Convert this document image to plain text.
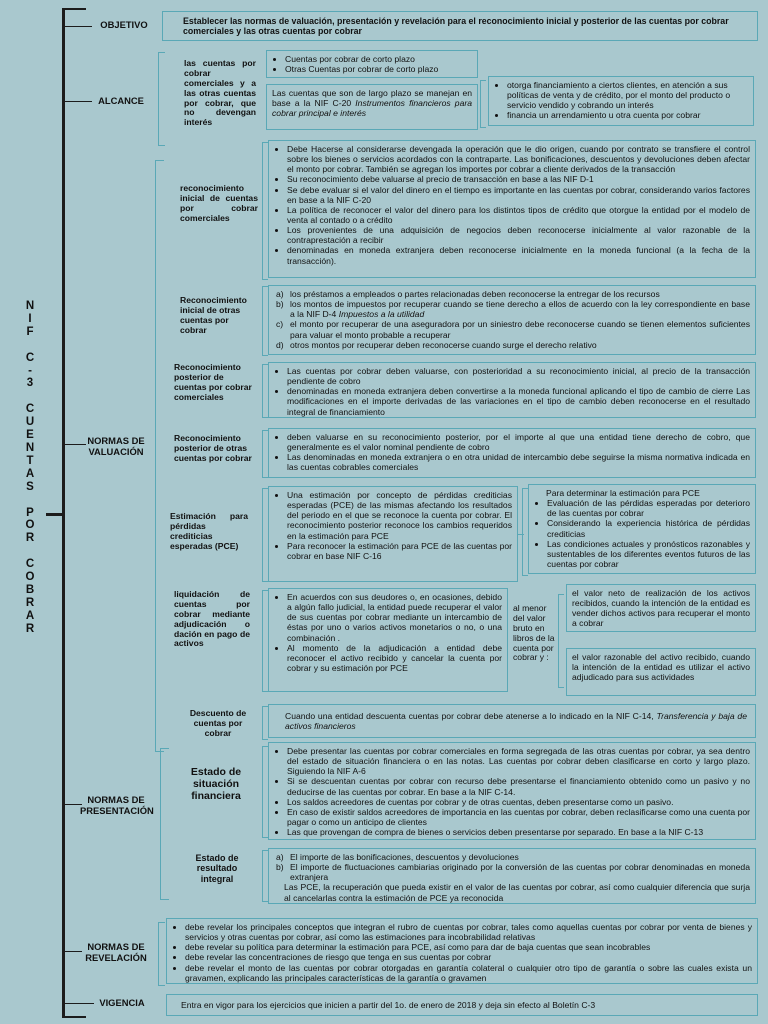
N
I
F

C
-
3

C
U
E
N
T
A
S

P
O
R

C
O
B
R
A
R
OBJETIVO	Establecer las normas de valuación, presentación y revelación para el reconocimiento inicial y posterior de las cuentas por cobrar comerciales y las otras cuentas por cobrar
ALCANCE
las cuentas por cobrar comerciales y a las otras cuentas por cobrar, que no devengan interés
• Cuentas por cobrar de corto plazo
• Otras Cuentas por cobrar de corto plazo
Las cuentas que son de largo plazo se manejan en base a la NIF C-20 Instrumentos financieros para cobrar principal e interés
• otorga financiamiento a ciertos clientes, en atención a sus políticas de venta y de crédito, por el monto del producto o servicio vendido y cobrando un interés
• financia un arrendamiento u otra cuenta por cobrar
NORMAS DE VALUACIÓN
reconocimiento inicial de cuentas por cobrar comerciales
• Debe Hacerse al considerarse devengada la operación que le dio origen, cuando por contrato se transfiere el control sobre los bienes o servicios acordados con la contraparte. Las bonificaciones, descuentos y devoluciones deben afectar el monto por cobrar. También se agregan los importes por cobrar a cliente derivados de la transacción
• Su reconocimiento debe valuarse al precio de transacción en base a las NIF D-1
• Se debe evaluar si el valor del dinero en el tiempo es importante en las cuentas por cobrar, considerando varios factores en base a la NIF C-20
• La política de reconocer el valor del dinero para los distintos tipos de crédito que otorgue la entidad por el modelo de venta al contado o a crédito
• Los provenientes de una adquisición de negocios deben reconocerse inicialmente al valor razonable de la contraprestación a recibir
• denominadas en moneda extranjera deben reconocerse inicialmente en la moneda funcional (a la fecha de la transacción).
Reconocimiento inicial de otras cuentas por cobrar
a) los préstamos a empleados o partes relacionadas deben reconocerse la entregar de los recursos
b) los montos de impuestos por recuperar cuando se tiene derecho a ellos de acuerdo con la ley correspondiente en base a la NIF D-4 Impuestos a la utilidad
c) el monto por recuperar de una aseguradora por un siniestro debe reconocerse cuando se tienen elementos suficientes para valuar el monto probable a recuperar
d) otros montos por recuperar deben reconocerse cuando surge el derecho relativo
Reconocimiento posterior de cuentas por cobrar comerciales
• Las cuentas por cobrar deben valuarse, con posterioridad a su reconocimiento inicial, al precio de la transacción pendiente de cobro
• denominadas en moneda extranjera deben convertirse a la moneda funcional aplicando el tipo de cambio de cierre Las modificaciones en el importe derivadas de las variaciones en el tipo de cambio deben reconocerse en el resultado integral de financiamiento
Reconocimiento posterior de otras cuentas por cobrar
• deben valuarse en su reconocimiento posterior, por el importe al que una entidad tiene derecho de cobro, que generalmente es el valor nominal pendiente de cobro
• Las denominadas en moneda extranjera o en otra unidad de intercambio debe seguirse la misma normativa indicada en las cuentas cobrables comerciales
Estimación para pérdidas crediticias esperadas (PCE)
• Una estimación por concepto de pérdidas crediticias esperadas (PCE) de las mismas afectando los resultados del periodo en el que se reconoce la cuenta por cobrar. El reconocimiento posterior reconoce los cambios requeridos en la estimación para PCE
• Para reconocer la estimación para PCE de las cuentas por cobrar en base NIF C-16
Para determinar la estimación para PCE
• Evaluación de las pérdidas esperadas por deterioro de las cuentas por cobrar
• Considerando la experiencia histórica de pérdidas crediticias
• Las condiciones actuales y pronósticos razonables y sustentables de los diferentes eventos futuros de las cuentas por cobrar
liquidación de cuentas por cobrar mediante adjudicación o dación en pago de activos
• En acuerdos con sus deudores o, en ocasiones, debido a algún fallo judicial, la entidad puede recuperar el valor de sus cuentas por cobrar mediante un intercambio de éstas por uno o varios activos monetarios o no, o una combinación .
• Al momento de la adjudicación a entidad debe reconocer el activo recibido y cancelar la cuenta por cobrar y su estimación por PCE
al menor del valor bruto en libros de la cuenta por cobrar y :
el valor neto de realización de los activos recibidos, cuando la intención de la entidad es vender dichos activos para recuperar el monto a cobrar
el valor razonable del activo recibido, cuando la intención de la entidad es utilizar el activo adjudicado para sus actividades
Descuento de cuentas por cobrar
Cuando una entidad descuenta cuentas por cobrar debe atenerse a lo indicado en la NIF C-14, Transferencia y baja de activos financieros
NORMAS DE PRESENTACIÓN
Estado de situación financiera
• Debe presentar las cuentas por cobrar comerciales en forma segregada de las otras cuentas por cobrar, ya sea dentro del estado de situación financiera o en las notas. Las cuentas por cobrar deben clasificarse en corto y largo plazo. Siguiendo la NIF A-6
• Si se descuentan cuentas por cobrar con recurso debe presentarse el financiamiento obtenido como un pasivo y no deducirse de las cuentas por cobrar. En base a la NIF C-14.
• Los saldos acreedores de cuentas por cobrar y de otras cuentas, deben presentarse como un pasivo.
• En caso de existir saldos acreedores de importancia en las cuentas por cobrar, deben reclasificarse como una cuenta por pagar o como un anticipo de clientes
• Las que provengan de compra de bienes o servicios deben presentarse por separado. En base a la NIF C-13
Estado de resultado integral
a) El importe de las bonificaciones, descuentos y devoluciones
b) El importe de fluctuaciones cambiarias originado por la conversión de las cuentas por cobrar denominadas en moneda extranjera
Las PCE, la recuperación que pueda existir en el valor de las cuentas por cobrar, así como cualquier diferencia que surja al cancelarlas contra la estimación de PCE ya reconocida
NORMAS DE REVELACIÓN
• debe revelar los principales conceptos que integran el rubro de cuentas por cobrar, tales como aquellas cuentas por cobrar por venta de bienes y servicios y otras cuentas por cobrar, así como las estimaciones para incobrabilidad relativas
• debe revelar su política para determinar la estimación para PCE, así como para dar de baja cuentas que sean incobrables
• debe revelar las concentraciones de riesgo que tenga en sus cuentas por cobrar
• debe revelar el monto de las cuentas por cobrar otorgadas en garantía colateral o cualquier otro tipo de garantía o sobre las cuales exista un gravamen, explicando las principales características de la garantía o gravamen
VIGENCIA	Entra en vigor para los ejercicios que inicien a partir del 1o. de enero de 2018 y deja sin efecto al Boletín C-3
